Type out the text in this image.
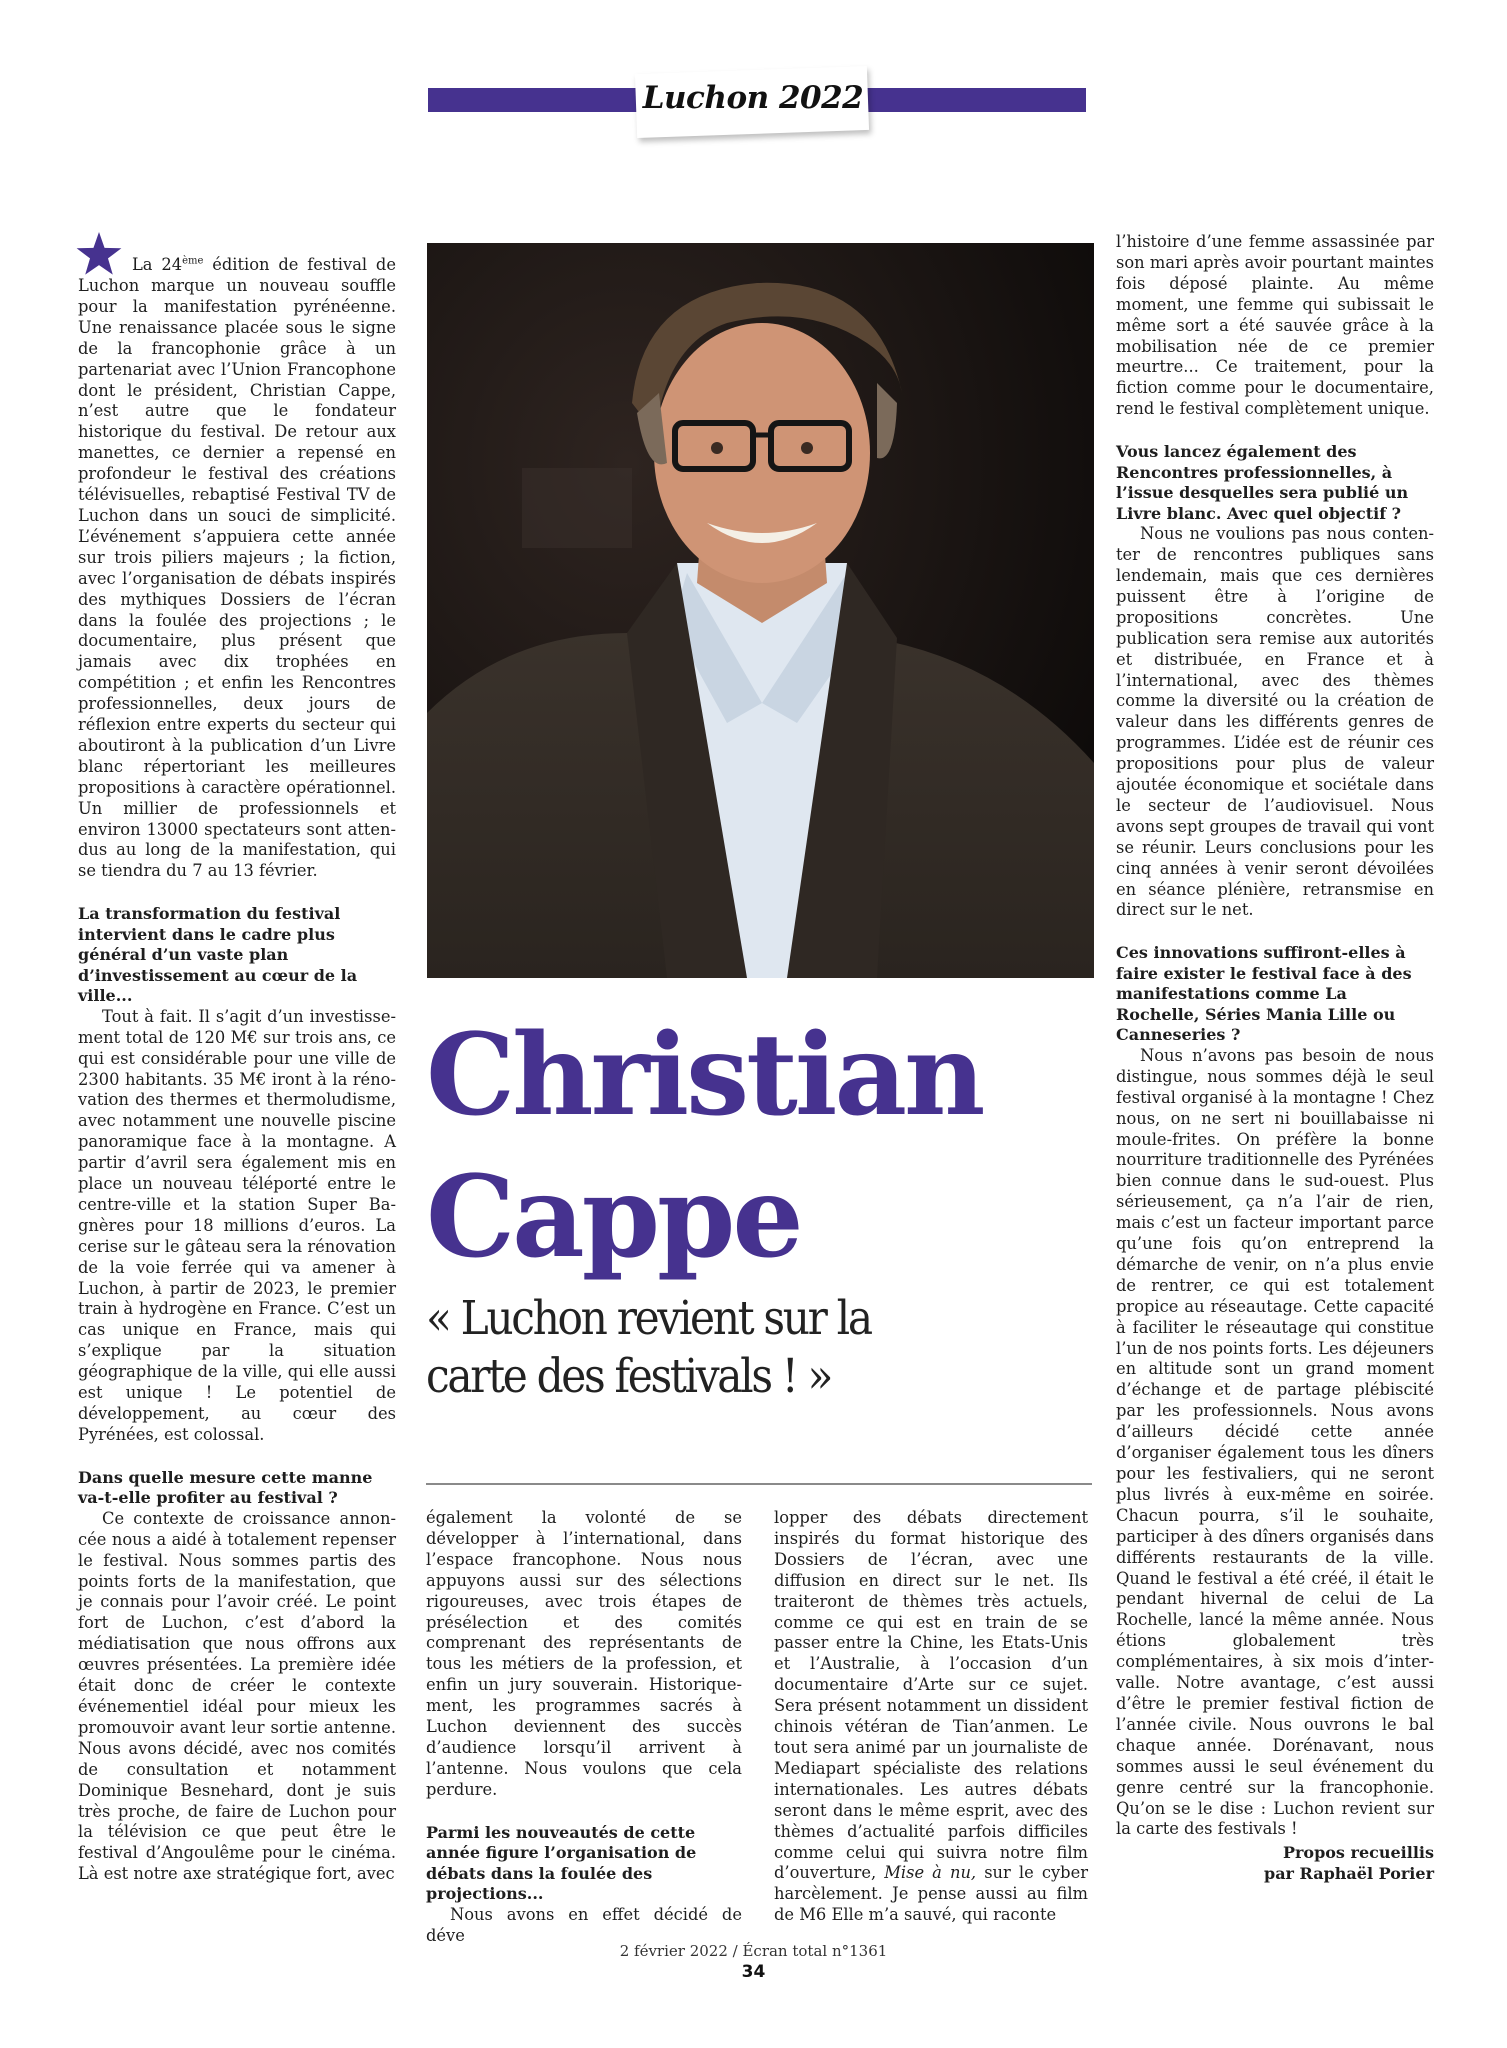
Luchon 2022

La 24ème édition de festival de Luchon marque un nouveau souffle pour la manifestation pyrénéenne. Une renaissance placée sous le signe de la francophonie grâce à un partenariat avec l’Union Francophone dont le président, Christian Cappe, n’est autre que le fondateur historique du festival. De retour aux manettes, ce dernier a repensé en profondeur le festival des créations télévisuelles, rebaptisé Festival TV de Luchon dans un souci de simplicité. L’événement s’appuiera cette année sur trois piliers majeurs ; la fiction, avec l’organisation de débats inspirés des mythiques Dossiers de l’écran dans la foulée des projections ; le documentaire, plus présent que jamais avec dix trophées en compétition ; et enfin les Rencontres professionnelles, deux jours de réflexion entre experts du secteur qui aboutiront à la publication d’un Livre blanc répertoriant les meilleures propositions à caractère opérationnel. Un millier de professionnels et environ 13000 spectateurs sont attendus au long de la manifestation, qui se tiendra du 7 au 13 février.

La transformation du festival intervient dans le cadre plus général d’un vaste plan d’investissement au cœur de la ville...

Tout à fait. Il s’agit d’un investissement total de 120 M€ sur trois ans, ce qui est considérable pour une ville de 2300 habitants. 35 M€ iront à la rénovation des thermes et thermoludisme, avec notamment une nouvelle piscine panoramique face à la montagne. A partir d’avril sera également mis en place un nouveau téléporté entre le centre-ville et la station Super Bagnères pour 18 millions d’euros. La cerise sur le gâteau sera la rénovation de la voie ferrée qui va amener à Luchon, à partir de 2023, le premier train à hydrogène en France. C’est un cas unique en France, mais qui s’explique par la situation géographique de la ville, qui elle aussi est unique ! Le potentiel de développement, au cœur des Pyrénées, est colossal.

Dans quelle mesure cette manne va-t-elle profiter au festival ?

Ce contexte de croissance annoncée nous a aidé à totalement repenser le festival. Nous sommes partis des points forts de la manifestation, que je connais pour l’avoir créé. Le point fort de Luchon, c’est d’abord la médiatisation que nous offrons aux œuvres présentées. La première idée était donc de créer le contexte événementiel idéal pour mieux les promouvoir avant leur sortie antenne. Nous avons décidé, avec nos comités de consultation et notamment Dominique Besnehard, dont je suis très proche, de faire de Luchon pour la télévision ce que peut être le festival d’Angoulême pour le cinéma. Là est notre axe stratégique fort, avec

Christian
Cappe
« Luchon revient sur la
carte des festivals ! »

également la volonté de se développer à l’international, dans l’espace francophone. Nous nous appuyons aussi sur des sélections rigoureuses, avec trois étapes de présélection et des comités comprenant des représentants de tous les métiers de la profession, et enfin un jury souverain. Historiquement, les programmes sacrés à Luchon deviennent des succès d’audience lorsqu’il arrivent à l’antenne. Nous voulons que cela perdure.

Parmi les nouveautés de cette année figure l’organisation de débats dans la foulée des projections...

Nous avons en effet décidé de déve

lopper des débats directement inspirés du format historique des Dossiers de l’écran, avec une diffusion en direct sur le net. Ils traiteront de thèmes très actuels, comme ce qui est en train de se passer entre la Chine, les Etats-Unis et l’Australie, à l’occasion d’un documentaire d’Arte sur ce sujet. Sera présent notamment un dissident chinois vétéran de Tian’anmen. Le tout sera animé par un journaliste de Mediapart spécialiste des relations internationales. Les autres débats seront dans le même esprit, avec des thèmes d’actualité parfois difficiles comme celui qui suivra notre film d’ouverture, Mise à nu, sur le cyber harcèlement. Je pense aussi au film de M6 Elle m’a sauvé, qui raconte

l’histoire d’une femme assassinée par son mari après avoir pourtant maintes fois déposé plainte. Au même moment, une femme qui subissait le même sort a été sauvée grâce à la mobilisation née de ce premier meurtre... Ce traitement, pour la fiction comme pour le documentaire, rend le festival complètement unique.

Vous lancez également des Rencontres professionnelles, à l’issue desquelles sera publié un Livre blanc. Avec quel objectif ?

Nous ne voulions pas nous contenter de rencontres publiques sans lendemain, mais que ces dernières puissent être à l’origine de propositions concrètes. Une publication sera remise aux autorités et distribuée, en France et à l’international, avec des thèmes comme la diversité ou la création de valeur dans les différents genres de programmes. L’idée est de réunir ces propositions pour plus de valeur ajoutée économique et sociétale dans le secteur de l’audiovisuel. Nous avons sept groupes de travail qui vont se réunir. Leurs conclusions pour les cinq années à venir seront dévoilées en séance plénière, retransmise en direct sur le net.

Ces innovations suffiront-elles à faire exister le festival face à des manifestations comme La Rochelle, Séries Mania Lille ou Canneseries ?

Nous n’avons pas besoin de nous distingue, nous sommes déjà le seul festival organisé à la montagne ! Chez nous, on ne sert ni bouillabaisse ni moule-frites. On préfère la bonne nourriture traditionnelle des Pyrénées bien connue dans le sud-ouest. Plus sérieusement, ça n’a l’air de rien, mais c’est un facteur important parce qu’une fois qu’on entreprend la démarche de venir, on n’a plus envie de rentrer, ce qui est totalement propice au réseautage. Cette capacité à faciliter le réseautage qui constitue l’un de nos points forts. Les déjeuners en altitude sont un grand moment d’échange et de partage plébiscité par les professionnels. Nous avons d’ailleurs décidé cette année d’organiser également tous les dîners pour les festivaliers, qui ne seront plus livrés à eux-même en soirée. Chacun pourra, s’il le souhaite, participer à des dîners organisés dans différents restaurants de la ville. Quand le festival a été créé, il était le pendant hivernal de celui de La Rochelle, lancé la même année. Nous étions globalement très complémentaires, à six mois d’intervalle. Notre avantage, c’est aussi d’être le premier festival fiction de l’année civile. Nous ouvrons le bal chaque année. Dorénavant, nous sommes aussi le seul événement du genre centré sur la francophonie. Qu’on se le dise : Luchon revient sur la carte des festivals !

Propos recueillis
par Raphaël Porier
2 février 2022 / Écran total n°1361
34
